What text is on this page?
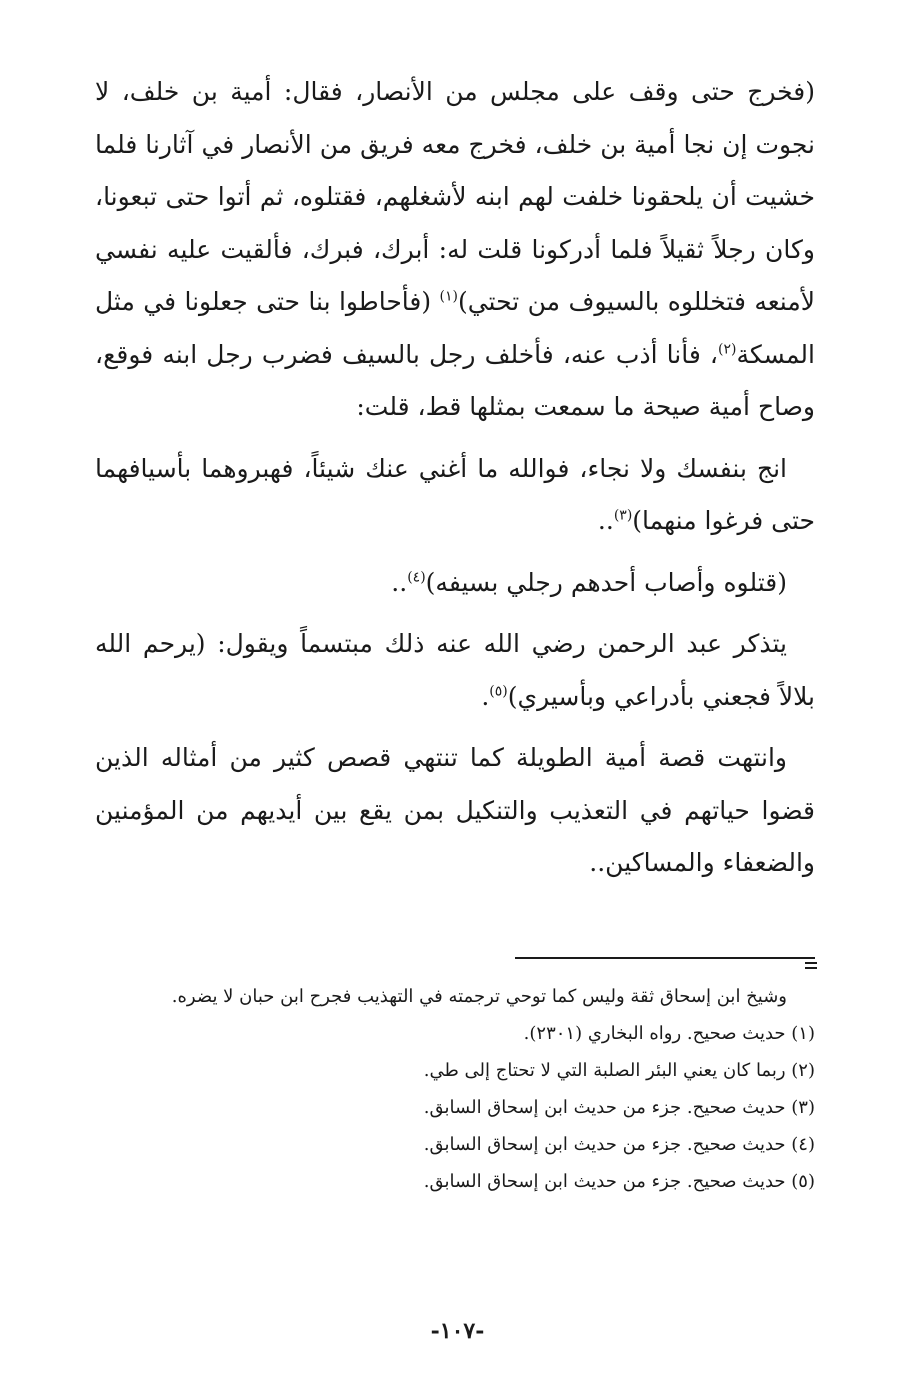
(فخرج حتى وقف على مجلس من الأنصار، فقال: أمية بن خلف، لا نجوت إن نجا أمية بن خلف، فخرج معه فريق من الأنصار في آثارنا فلما خشيت أن يلحقونا خلفت لهم ابنه لأشغلهم، فقتلوه، ثم أتوا حتى تبعونا، وكان رجلاً ثقيلاً فلما أدركونا قلت له: أبرك، فبرك، فألقيت عليه نفسي لأمنعه فتخللوه بالسيوف من تحتي)$^{(١)}$ (فأحاطوا بنا حتى جعلونا في مثل المسكة$^{(٢)}$، فأنا أذب عنه، فأخلف رجل بالسيف فضرب رجل ابنه فوقع، وصاح أمية صيحة ما سمعت بمثلها قط، قلت:

انج بنفسك ولا نجاء، فوالله ما أغني عنك شيئاً، فهبروهما بأسيافهما حتى فرغوا منهما)$^{(٣)}$..

(قتلوه وأصاب أحدهم رجلي بسيفه)$^{(٤)}$..

يتذكر عبد الرحمن رضي الله عنه ذلك مبتسماً ويقول: (يرحم الله بلالاً فجعني بأدراعي وبأسيري)$^{(٥)}$.

وانتهت قصة أمية الطويلة كما تنتهي قصص كثير من أمثاله الذين قضوا حياتهم في التعذيب والتنكيل بمن يقع بين أيديهم من المؤمنين والضعفاء والمساكين..

وشيخ ابن إسحاق ثقة وليس كما توحي ترجمته في التهذيب فجرح ابن حبان لا يضره.

(١) حديث صحيح. رواه البخاري (٢٣٠١).

(٢) ربما كان يعني البئر الصلبة التي لا تحتاج إلى طي.

(٣) حديث صحيح. جزء من حديث ابن إسحاق السابق.

(٤) حديث صحيح. جزء من حديث ابن إسحاق السابق.

(٥) حديث صحيح. جزء من حديث ابن إسحاق السابق.

-١٠٧-
